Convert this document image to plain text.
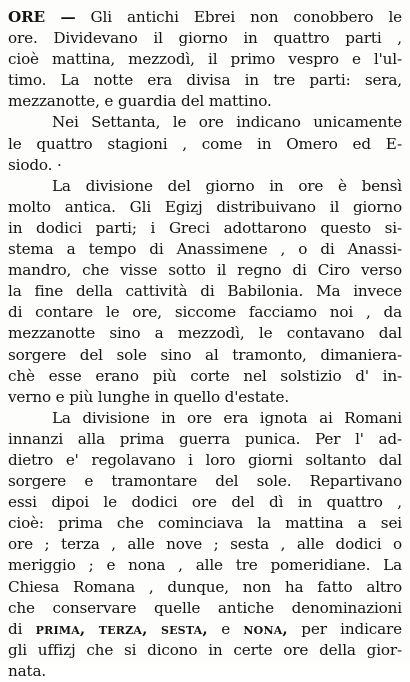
ORE — Gli antichi Ebrei non conobbero le
ore. Dividevano il giorno in quattro parti ,
cioè mattina, mezzodì, il primo vespro e l'ul-
timo. La notte era divisa in tre parti: sera,
mezzanotte, e guardia del mattino.
Nei Settanta, le ore indicano unicamente
le quattro stagioni , come in Omero ed E-
siodo. ·
La divisione del giorno in ore è bensì
molto antica. Gli Egizj distribuivano il giorno
in dodici parti; i Greci adottarono questo si-
stema a tempo di Anassimene , o di Anassi-
mandro, che visse sotto il regno di Ciro verso
la fine della cattività di Babilonia. Ma invece
di contare le ore, siccome facciamo noi , da
mezzanotte sino a mezzodì, le contavano dal
sorgere del sole sino al tramonto, dimanierа-
chè esse erano più corte nel solstizio d' in-
verno e più lunghe in quello d'estate.
La divisione in ore era ignota ai Romani
innanzi alla prima guerra punica. Per l' ad-
dietro e' regolavano i loro giorni soltanto dal
sorgere e tramontare del sole. Repartivano
essi dipoi le dodici ore del dì in quattro ,
cioè: prima che cominciava la mattina a sei
ore ; terza , alle nove ; sesta , alle dodici o
meriggio ; e nona , alle tre pomeridiane. La
Chiesa Romana , dunque, non ha fatto altro
che conservare quelle antiche denominazioni
di prima, terza, sesta, e nona, per indicare
gli uffizj che si dicono in certe ore della gior-
nata.
